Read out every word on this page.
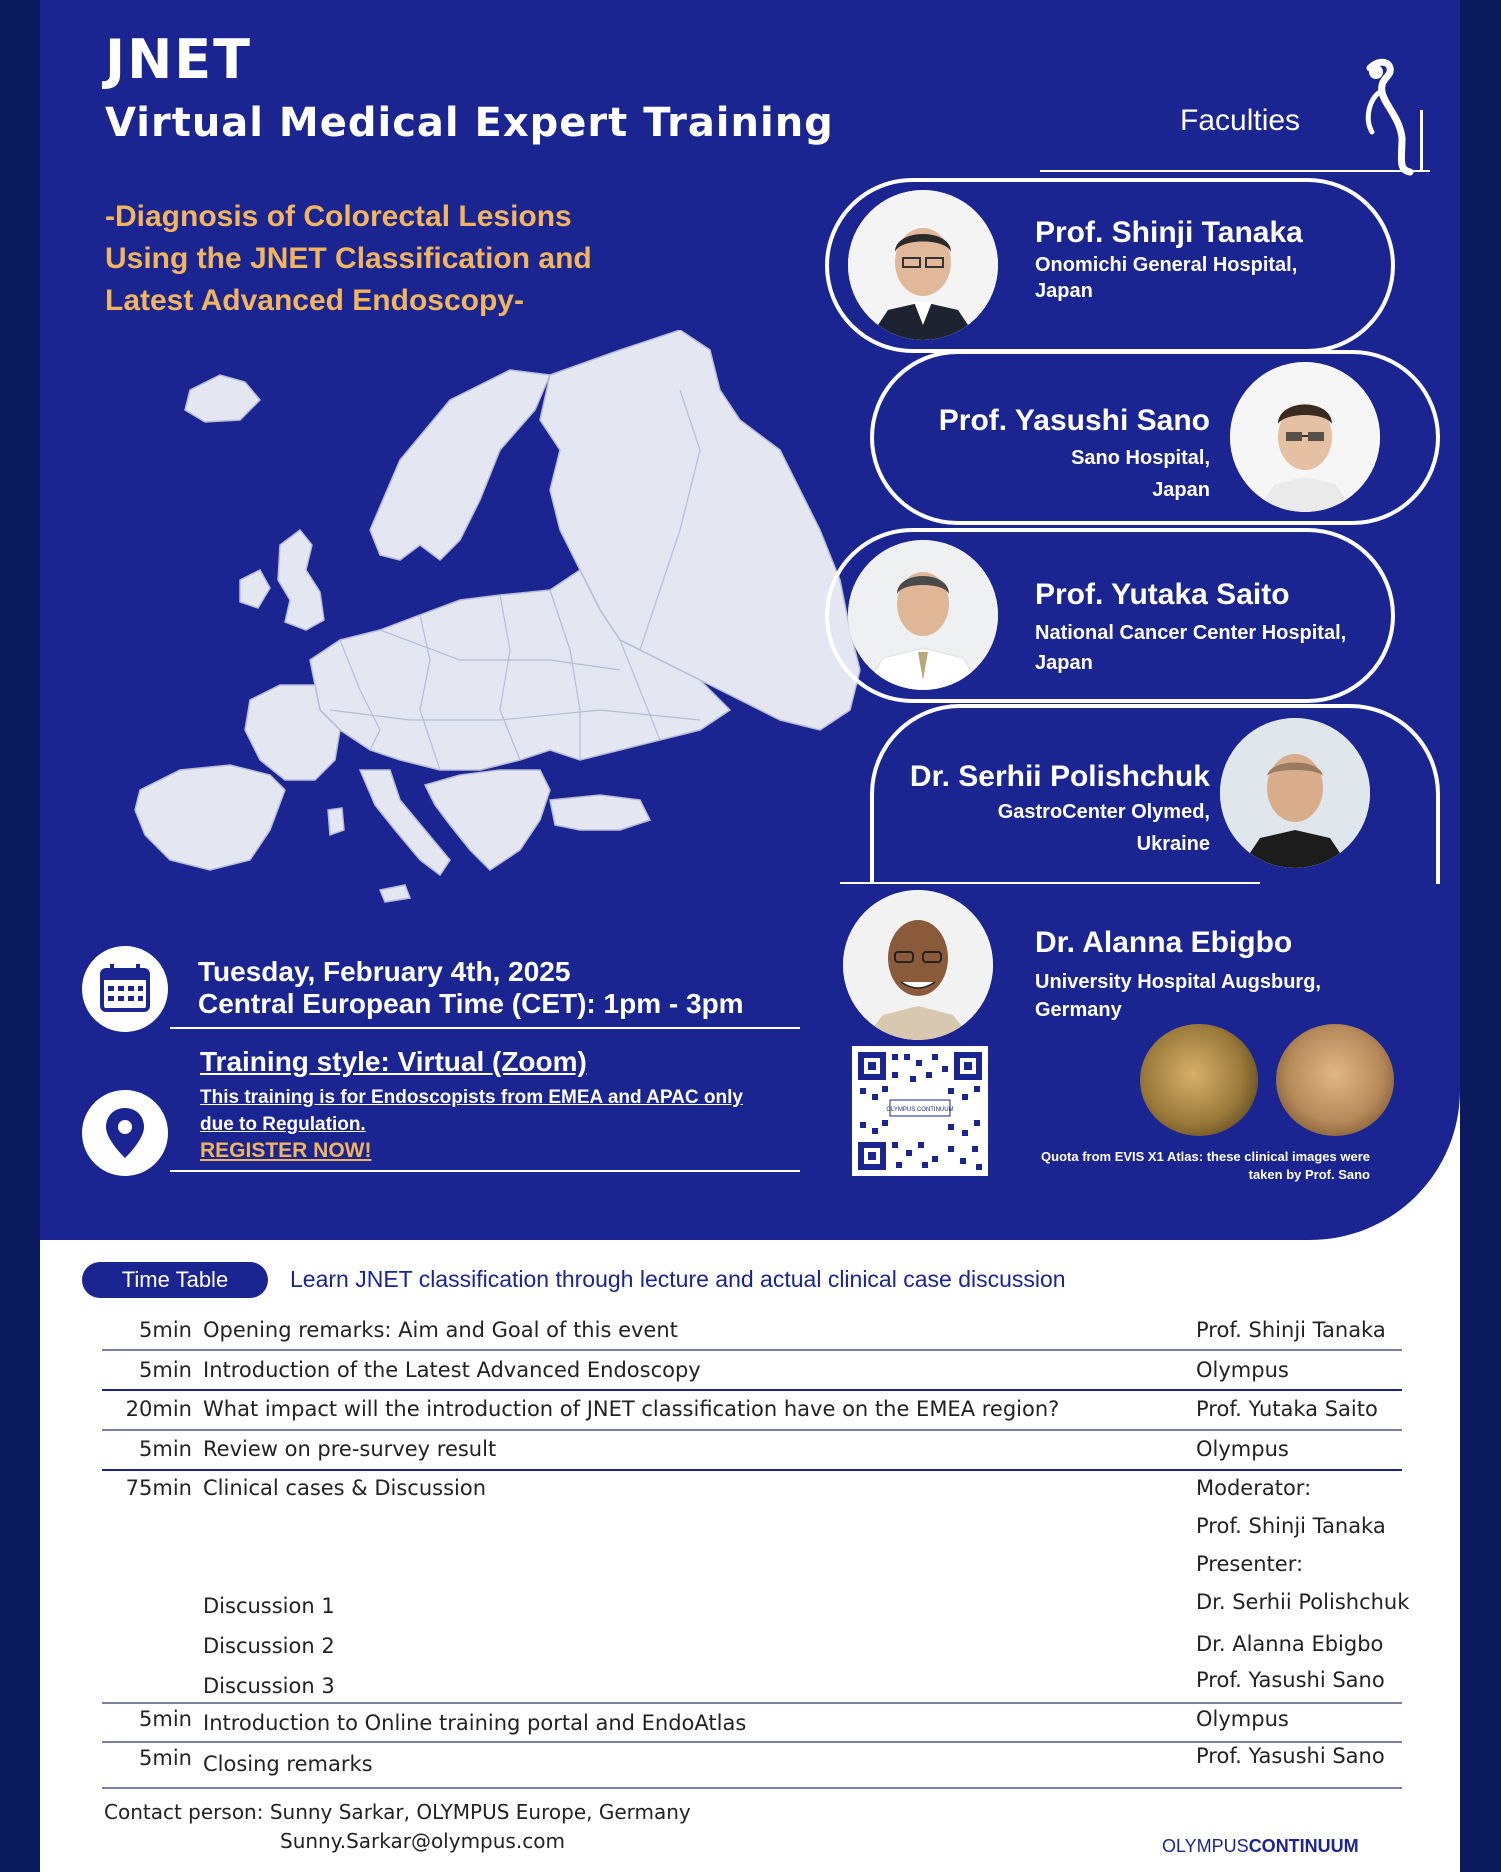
JNET
Virtual Medical Expert Training
-Diagnosis of Colorectal Lesions
Using the JNET Classification and
Latest Advanced Endoscopy-
Faculties
Prof. Shinji Tanaka
Onomichi General Hospital,
Japan
Prof. Yasushi Sano
Sano Hospital,
Japan
Prof. Yutaka Saito
National Cancer Center Hospital,
Japan
Dr. Serhii Polishchuk
GastroCenter Olymed,
Ukraine
Dr. Alanna Ebigbo
University Hospital Augsburg,
Germany
Tuesday, February 4th, 2025
Central European Time (CET): 1pm - 3pm
Training style: Virtual (Zoom)
This training is for Endoscopists from EMEA and APAC only
due to Regulation.
REGISTER NOW!
OLYMPUS CONTINUUM
Quota from EVIS X1 Atlas: these clinical images were
taken by Prof. Sano
Time Table	Learn JNET classification through lecture and actual clinical case discussion
5min Opening remarks: Aim and Goal of this event	Prof. Shinji Tanaka
5min Introduction of the Latest Advanced Endoscopy	Olympus
20min What impact will the introduction of JNET classification have on the EMEA region?	Prof. Yutaka Saito
5min Review on pre-survey result	Olympus
75min Clinical cases & Discussion	Moderator:
Prof. Shinji Tanaka
Presenter:
Discussion 1	Dr. Serhii Polishchuk
Discussion 2	Dr. Alanna Ebigbo
Discussion 3	Prof. Yasushi Sano
5min Introduction to Online training portal and EndoAtlas	Olympus
5min Closing remarks	Prof. Yasushi Sano
Contact person: Sunny Sarkar, OLYMPUS Europe, Germany
Sunny.Sarkar@olympus.com	OLYMPUSCONTINUUM
